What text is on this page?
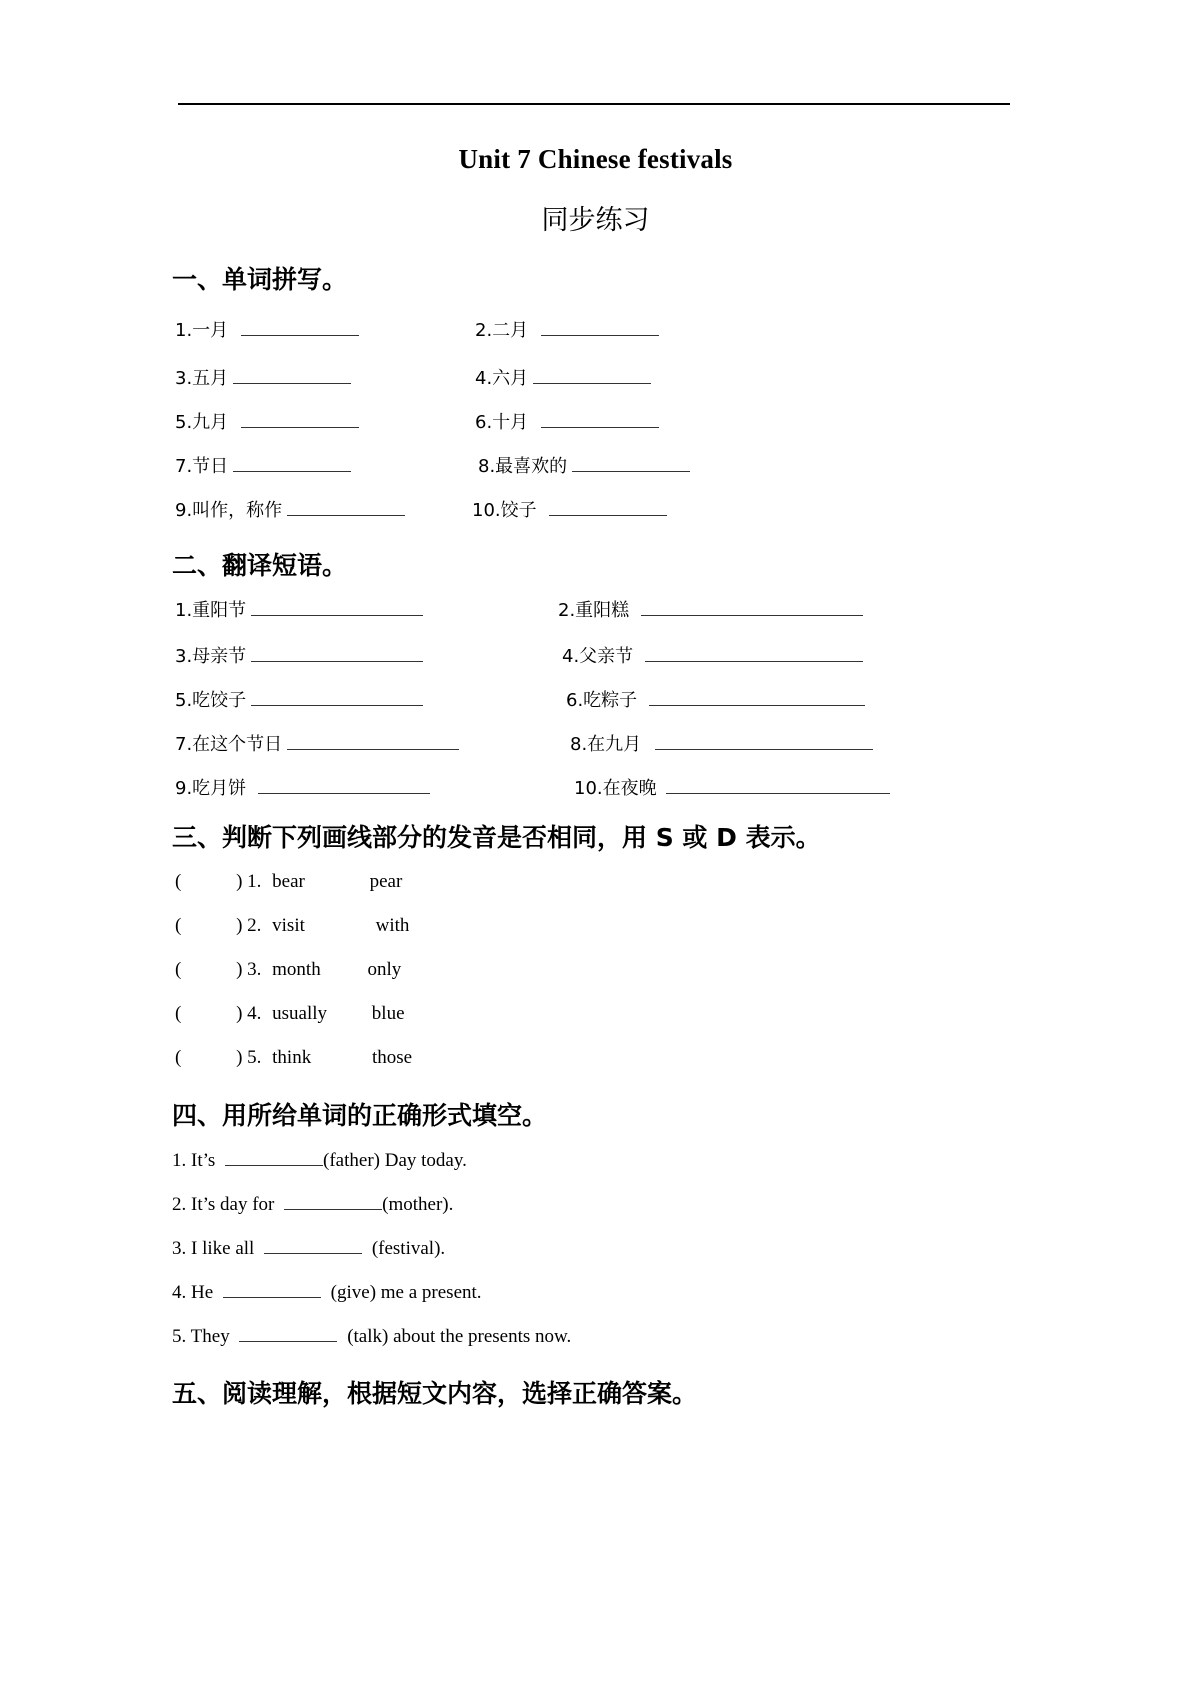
Unit 7 Chinese festivals
同步练习
一、单词拼写。
1.一月	2.二月
3.五月	4.六月
5.九月	6.十月
7.节日	8.最喜欢的
9.叫作，称作	10.饺子
二、翻译短语。
1.重阳节	2.重阳糕
3.母亲节	4.父亲节
5.吃饺子	6.吃粽子
7.在这个节日	8.在九月
9.吃月饼	10.在夜晚
三、判断下列画线部分的发音是否相同，用 S 或 D 表示。
(	) 1. bear	pear
(	) 2. visit	with
(	) 3. month only
(	) 4. usually blue
(	) 5. think	those
四、用所给单词的正确形式填空。
1. It’s	(father) Day today.
2. It’s day for	(mother).
3. I like all	(festival).
4. He	(give) me a present.
5. They	(talk) about the presents now.
五、阅读理解，根据短文内容，选择正确答案。
